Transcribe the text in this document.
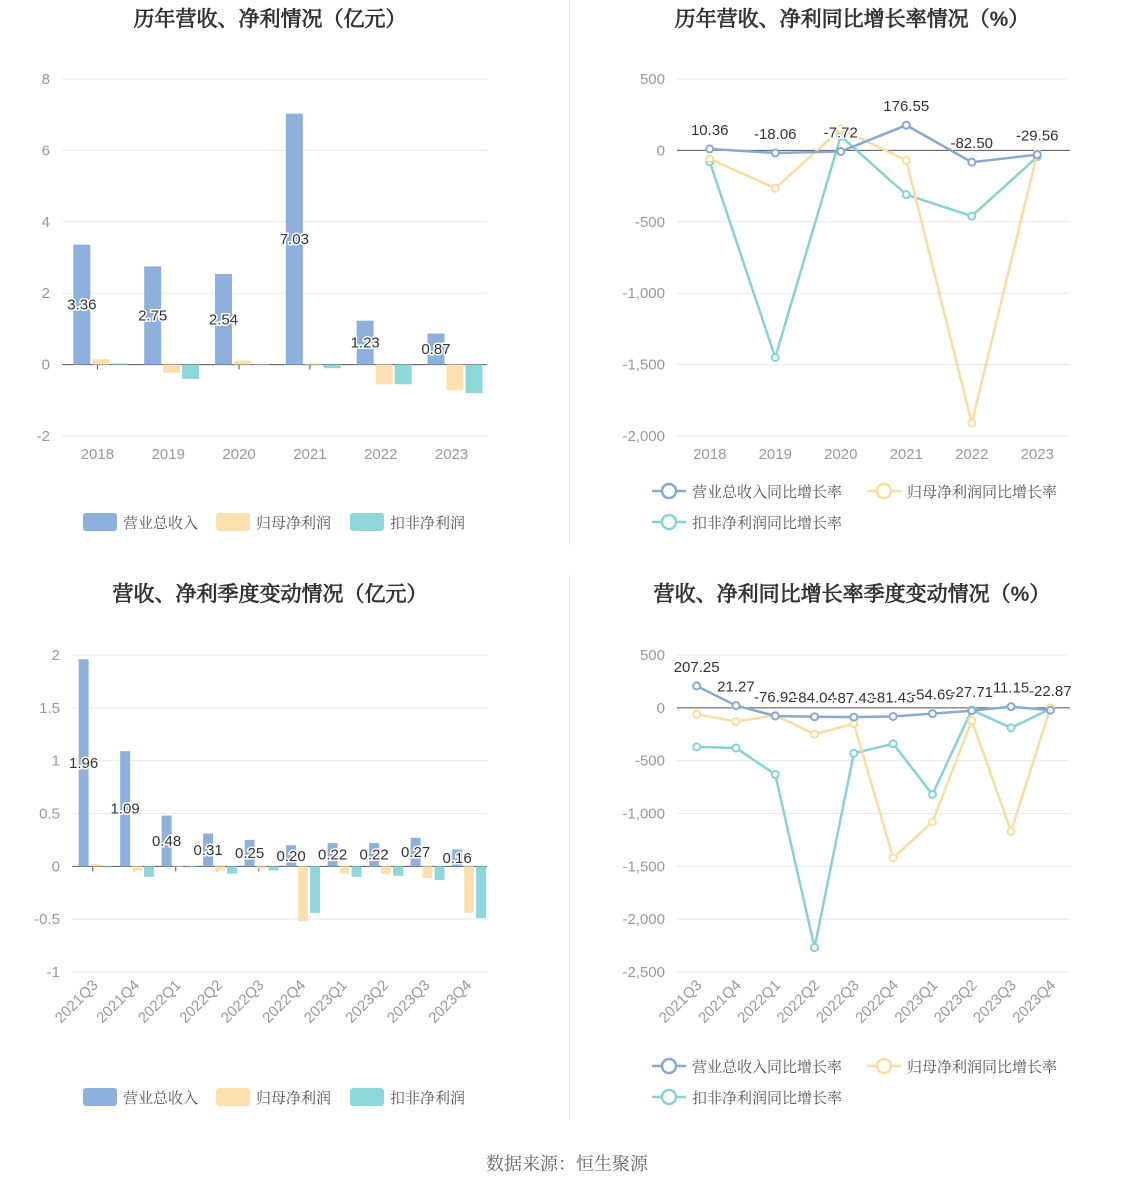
历年营收、净利情况（亿元）
-2
0
2
4
6
8
2018 2019 2020 2021 2022 2023
3.36
2.75	2.54
7.03
1.23	0.87
营业总收入	归母净利润	扣非净利润
历年营收、净利同比增长率情况（%）
-2,000
-1,500
-1,000
-500
0
500
2018 2019 2020 2021 2022 2023
10.36 -18.06 -7.72
176.55
-82.50 -29.56
营业总收入同比增长率	归母净利润同比增长率
扣非净利润同比增长率
营收、净利季度变动情况（亿元）
-1
-0.5
0
0.5
1
1.5
2
2021Q3
2021Q4
2022Q1
2022Q2
2022Q3
2022Q4
2023Q1
2023Q2
2023Q3
2023Q4
1.96
1.09
0.48
0.31 0.25 0.20 0.22 0.22 0.27 0.16
营业总收入	归母净利润	扣非净利润
营收、净利同比增长率季度变动情况（%）
-2,500
-2,000
-1,500
-1,000
-500
0
500
2021Q3
2021Q4
2022Q1
2022Q2
2022Q3
2022Q4
2023Q1
2023Q2
2023Q3
2023Q4
207.25
21.27
-76.92
-84.04
-87.43
-81.43
-54.69
-27.71 11.15 -22.87
营业总收入同比增长率	归母净利润同比增长率
扣非净利润同比增长率
数据来源：恒生聚源
